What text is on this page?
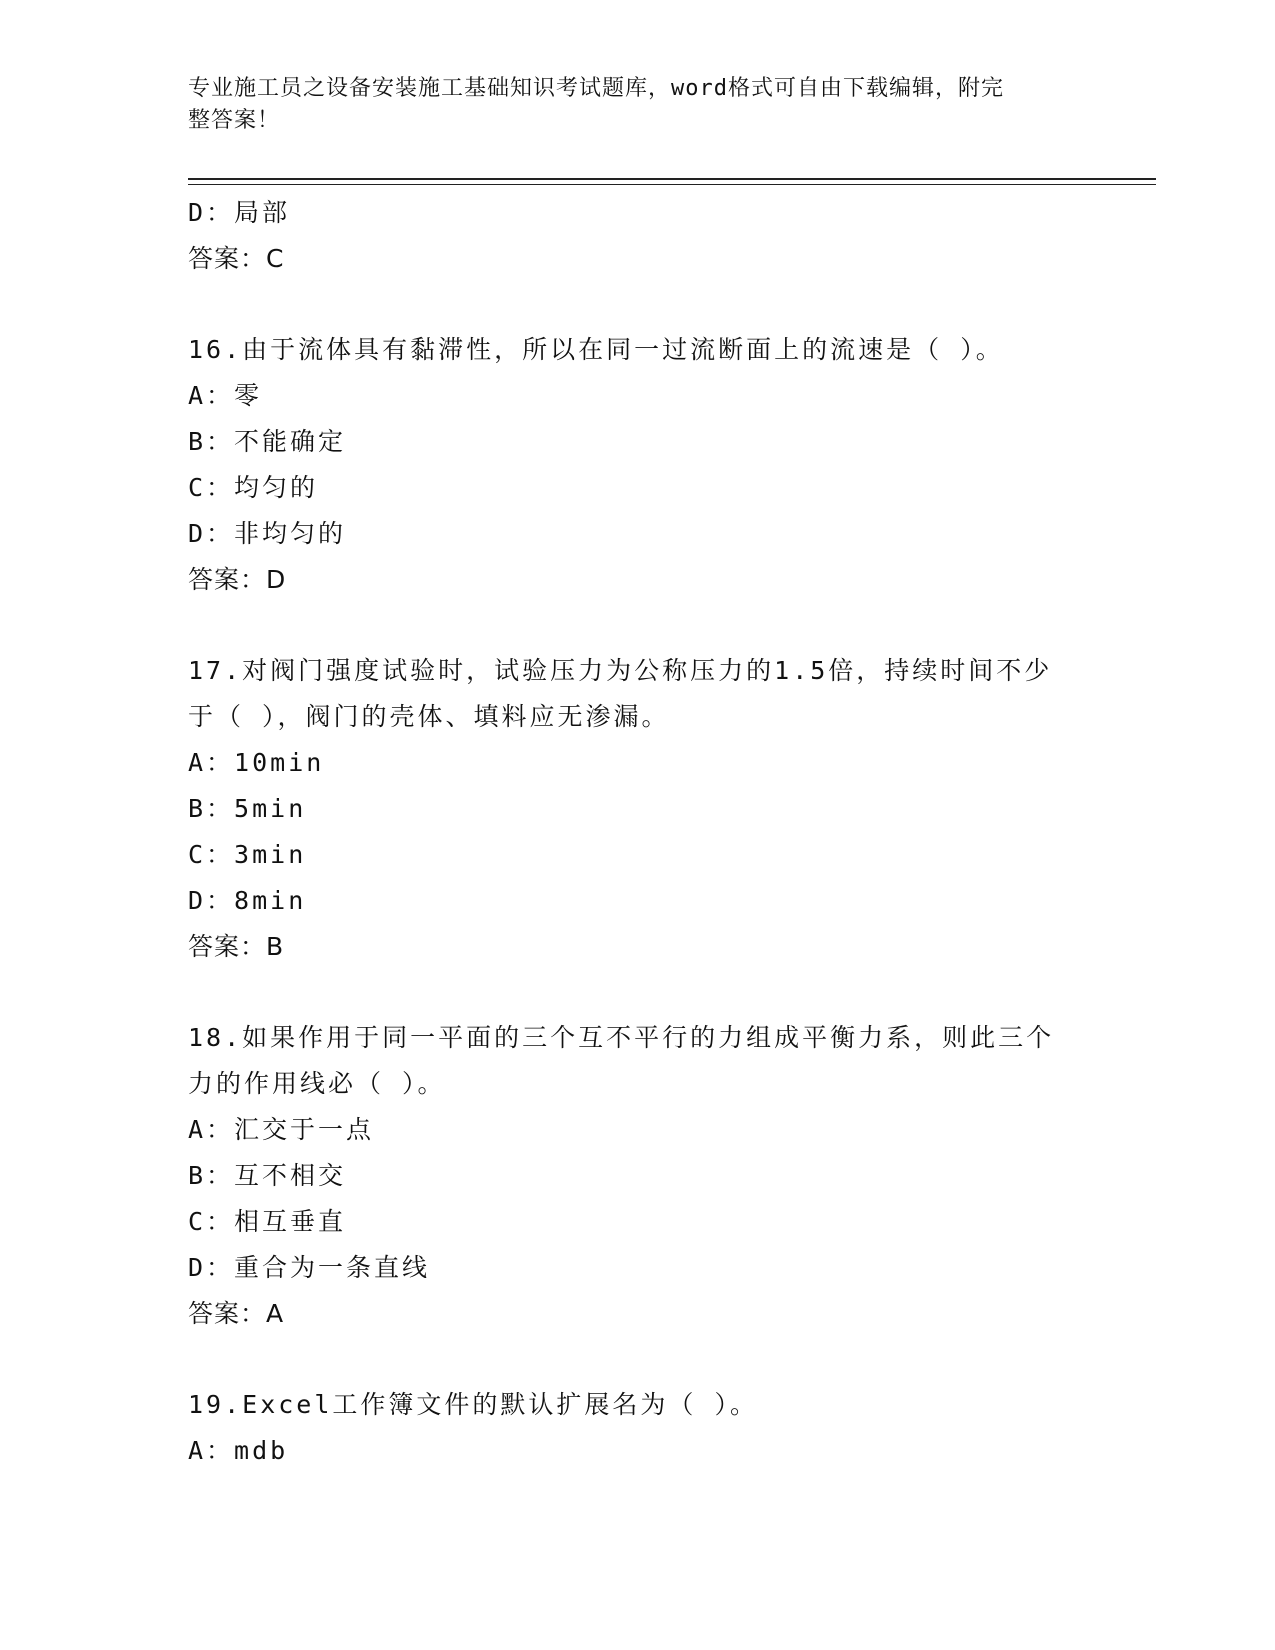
专业施工员之设备安装施工基础知识考试题库，word格式可自由下载编辑，附完
整答案！
D：局部
答案：C
16.由于流体具有黏滞性，所以在同一过流断面上的流速是（ ）。
A：零
B：不能确定
C：均匀的
D：非均匀的
答案：D
17.对阀门强度试验时，试验压力为公称压力的1.5倍，持续时间不少
于（ ），阀门的壳体、填料应无渗漏。
A：10min
B：5min
C：3min
D：8min
答案：B
18.如果作用于同一平面的三个互不平行的力组成平衡力系，则此三个
力的作用线必（ ）。
A：汇交于一点
B：互不相交
C：相互垂直
D：重合为一条直线
答案：A
19.Excel工作簿文件的默认扩展名为（ ）。
A：mdb
